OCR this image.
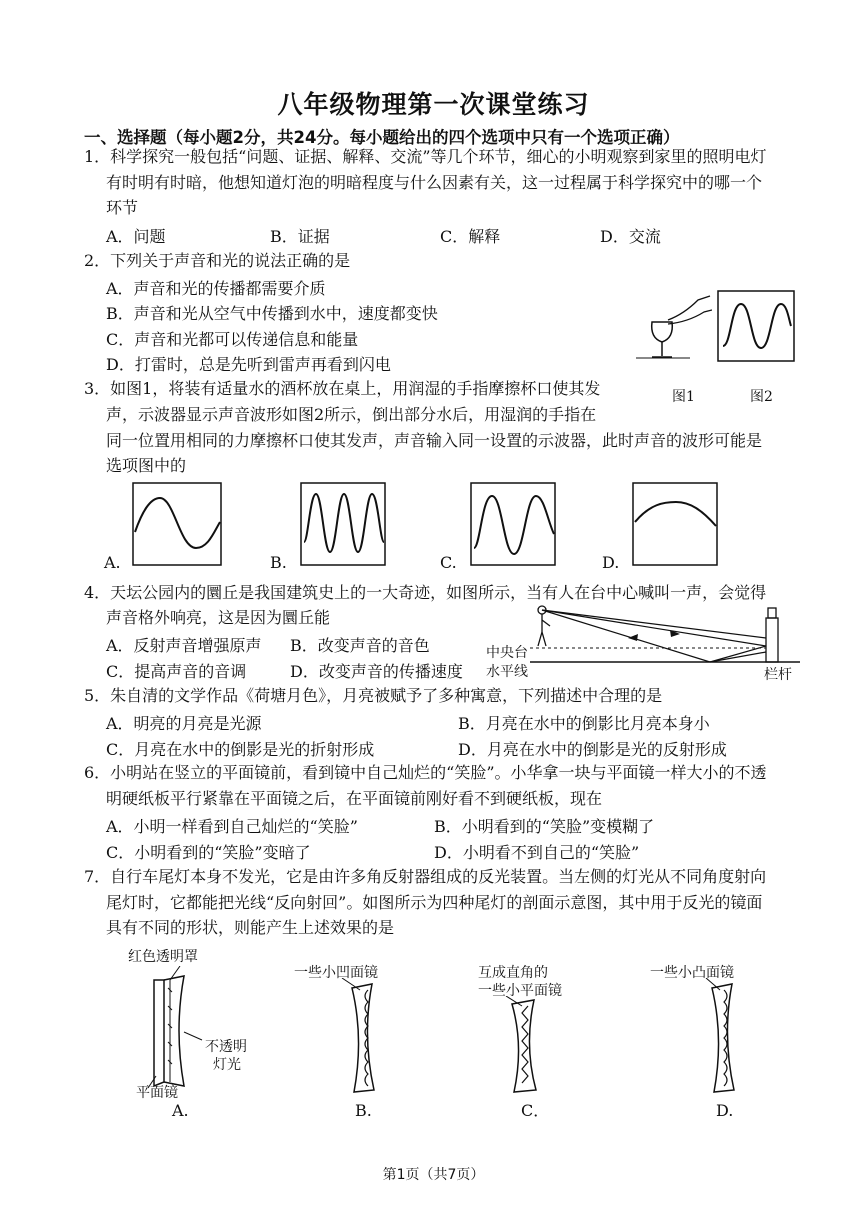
八年级物理第一次课堂练习
一、选择题（每小题2分，共24分。每小题给出的四个选项中只有一个选项正确）
1．科学探究一般包括“问题、证据、解释、交流”等几个环节，细心的小明观察到家里的照明电灯
有时明有时暗，他想知道灯泡的明暗程度与什么因素有关，这一过程属于科学探究中的哪一个
环节
A．问题	B．证据	C．解释	D．交流
2．下列关于声音和光的说法正确的是
A．声音和光的传播都需要介质
B．声音和光从空气中传播到水中，速度都变快
C．声音和光都可以传递信息和能量
D．打雷时，总是先听到雷声再看到闪电
图1	图2
3．如图1，将装有适量水的酒杯放在桌上，用润湿的手指摩擦杯口使其发
声，示波器显示声音波形如图2所示，倒出部分水后，用湿润的手指在
同一位置用相同的力摩擦杯口使其发声，声音输入同一设置的示波器，此时声音的波形可能是
选项图中的
A.	B.	C.	D.
4．天坛公园内的圜丘是我国建筑史上的一大奇迹，如图所示，当有人在台中心喊叫一声，会觉得
声音格外响亮，这是因为圜丘能
A．反射声音增强原声 B．改变声音的音色
C．提高声音的音调	D．改变声音的传播速度
中央台
水平线	栏杆
5．朱自清的文学作品《荷塘月色》，月亮被赋予了多种寓意，下列描述中合理的是
A．明亮的月亮是光源	B．月亮在水中的倒影比月亮本身小
C．月亮在水中的倒影是光的折射形成	D．月亮在水中的倒影是光的反射形成
6．小明站在竖立的平面镜前，看到镜中自己灿烂的“笑脸”。小华拿一块与平面镜一样大小的不透
明硬纸板平行紧靠在平面镜之后，在平面镜前刚好看不到硬纸板，现在
A．小明一样看到自己灿烂的“笑脸”	B．小明看到的“笑脸”变模糊了
C．小明看到的“笑脸”变暗了	D．小明看不到自己的“笑脸”
7．自行车尾灯本身不发光，它是由许多角反射器组成的反光装置。当左侧的灯光从不同角度射向
尾灯时，它都能把光线“反向射回”。如图所示为四种尾灯的剖面示意图，其中用于反光的镜面
具有不同的形状，则能产生上述效果的是
红色透明罩
不透明
灯光
平面镜
A.
一些小凹面镜
B.
互成直角的
一些小平面镜
C．
一些小凸面镜
D.
第1页（共7页）
